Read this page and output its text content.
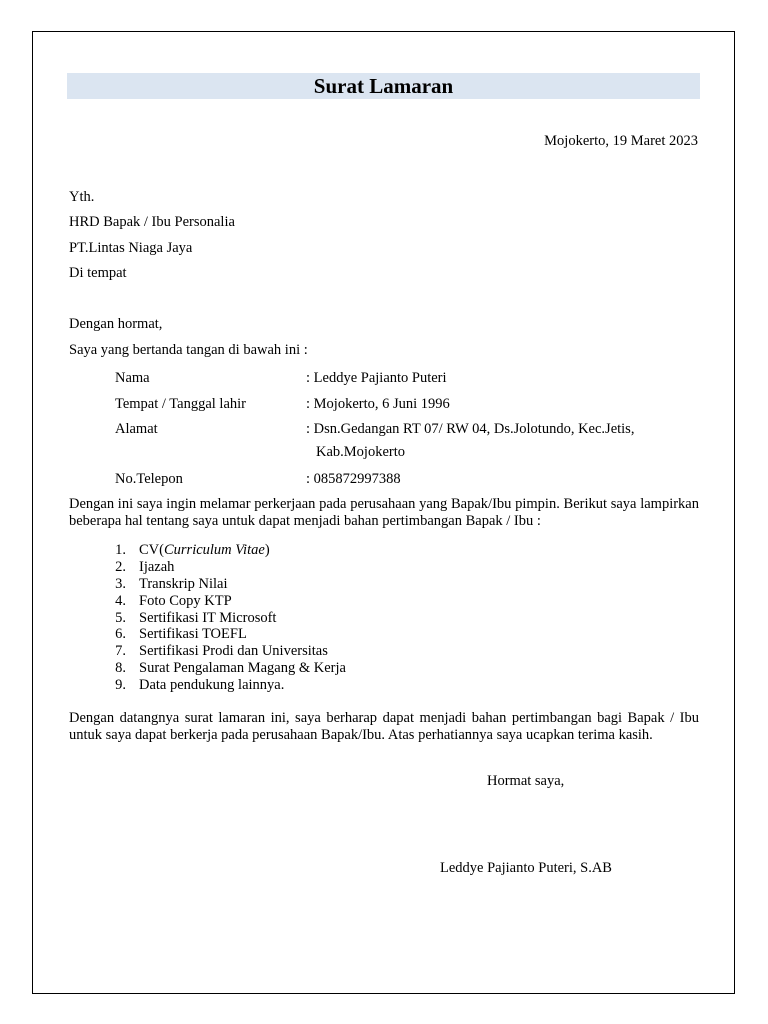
Surat Lamaran
Mojokerto, 19 Maret 2023
Yth.
HRD Bapak / Ibu Personalia
PT.Lintas Niaga Jaya
Di tempat
Dengan hormat,
Saya yang bertanda tangan di bawah ini :
Nama	: Leddye Pajianto Puteri
Tempat / Tanggal lahir	: Mojokerto, 6 Juni 1996
Alamat	: Dsn.Gedangan RT 07/ RW 04, Ds.Jolotundo, Kec.Jetis,
Kab.Mojokerto
No.Telepon	: 085872997388
Dengan ini saya ingin melamar perkerjaan pada perusahaan yang Bapak/Ibu pimpin. Berikut saya lampirkan beberapa hal tentang saya untuk dapat menjadi bahan pertimbangan Bapak / Ibu :
1. CV(Curriculum Vitae)
2. Ijazah
3. Transkrip Nilai
4. Foto Copy KTP
5. Sertifikasi IT Microsoft
6. Sertifikasi TOEFL
7. Sertifikasi Prodi dan Universitas
8. Surat Pengalaman Magang & Kerja
9. Data pendukung lainnya.
Dengan datangnya surat lamaran ini, saya berharap dapat menjadi bahan pertimbangan bagi Bapak / Ibu untuk saya dapat berkerja pada perusahaan Bapak/Ibu. Atas perhatiannya saya ucapkan terima kasih.
Hormat saya,
Leddye Pajianto Puteri, S.AB
